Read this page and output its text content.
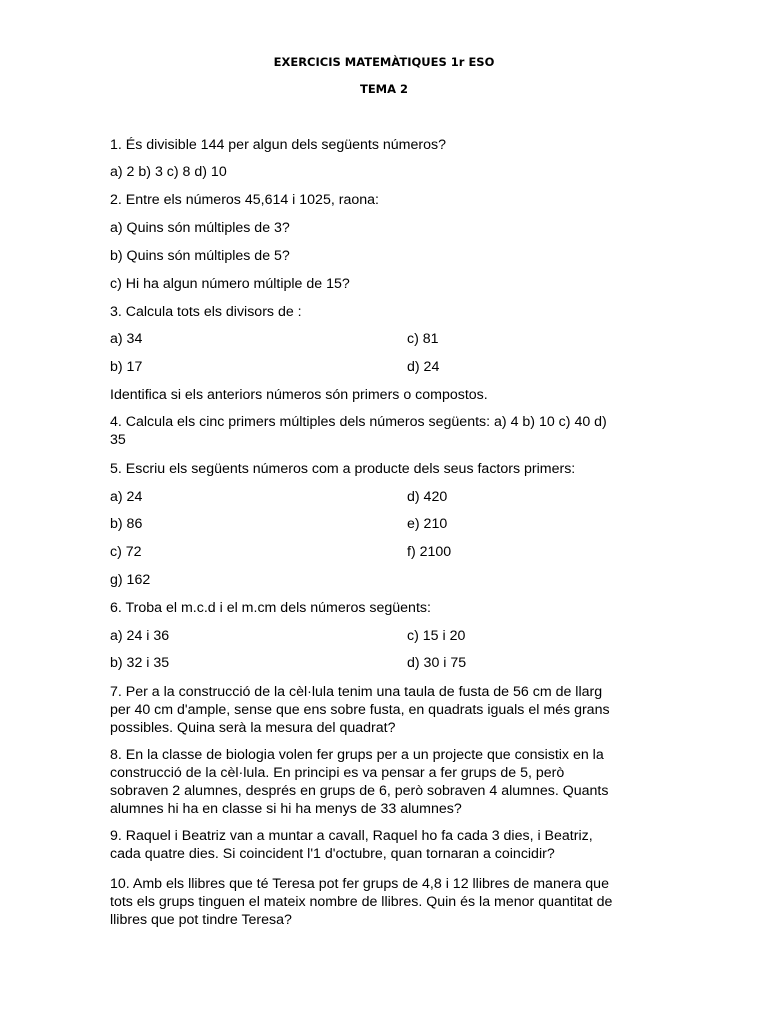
EXERCICIS MATEMÀTIQUES 1r ESO
TEMA 2
1. És divisible 144 per algun dels següents números?
a) 2 b) 3 c) 8 d) 10
2. Entre els números 45,614 i 1025, raona:
a) Quins són múltiples de 3?
b) Quins són múltiples de 5?
c) Hi ha algun número múltiple de 15?
3. Calcula tots els divisors de :
a) 34	c) 81
b) 17	d) 24
Identifica si els anteriors números són primers o compostos.
4. Calcula els cinc primers múltiples dels números següents: a) 4 b) 10 c) 40 d)
35
5. Escriu els següents números com a producte dels seus factors primers:
a) 24	d) 420
b) 86	e) 210
c) 72	f) 2100
g) 162
6. Troba el m.c.d i el m.cm dels números següents:
a) 24 i 36	c) 15 i 20
b) 32 i 35	d) 30 i 75
7. Per a la construcció de la cèl·lula tenim una taula de fusta de 56 cm de llarg
per 40 cm d'ample, sense que ens sobre fusta, en quadrats iguals el més grans
possibles. Quina serà la mesura del quadrat?
8. En la classe de biologia volen fer grups per a un projecte que consistix en la
construcció de la cèl·lula. En principi es va pensar a fer grups de 5, però
sobraven 2 alumnes, després en grups de 6, però sobraven 4 alumnes. Quants
alumnes hi ha en classe si hi ha menys de 33 alumnes?
9. Raquel i Beatriz van a muntar a cavall, Raquel ho fa cada 3 dies, i Beatriz,
cada quatre dies. Si coincident l'1 d'octubre, quan tornaran a coincidir?
10. Amb els llibres que té Teresa pot fer grups de 4,8 i 12 llibres de manera que
tots els grups tinguen el mateix nombre de llibres. Quin és la menor quantitat de
llibres que pot tindre Teresa?
